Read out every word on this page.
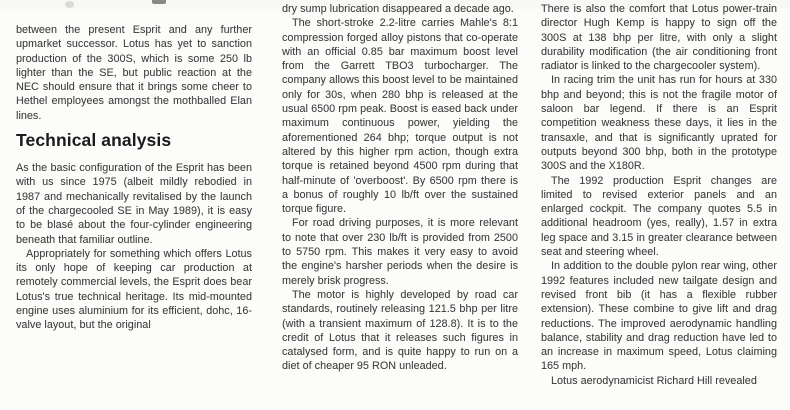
between the present Esprit and any further upmarket successor. Lotus has yet to sanction production of the 300S, which is some 250 lb lighter than the SE, but public reaction at the NEC should ensure that it brings some cheer to Hethel employees amongst the mothballed Elan lines.

Technical analysis

As the basic configuration of the Esprit has been with us since 1975 (albeit mildly rebodied in 1987 and mechanically revitalised by the launch of the chargecooled SE in May 1989), it is easy to be blasé about the four-cylinder engineering beneath that familiar outline.

Appropriately for something which offers Lotus its only hope of keeping car production at remotely commercial levels, the Esprit does bear Lotus's true technical heritage. Its mid-mounted engine uses aluminium for its efficient, dohc, 16-valve layout, but the original

dry sump lubrication disappeared a decade ago.

The short-stroke 2.2-litre carries Mahle's 8:1 compression forged alloy pistons that co-operate with an official 0.85 bar maximum boost level from the Garrett TBO3 turbocharger. The company allows this boost level to be maintained only for 30s, when 280 bhp is released at the usual 6500 rpm peak. Boost is eased back under maximum continuous power, yielding the aforementioned 264 bhp; torque output is not altered by this higher rpm action, though extra torque is retained beyond 4500 rpm during that half-minute of 'overboost'. By 6500 rpm there is a bonus of roughly 10 lb/ft over the sustained torque figure.

For road driving purposes, it is more relevant to note that over 230 lb/ft is provided from 2500 to 5750 rpm. This makes it very easy to avoid the engine's harsher periods when the desire is merely brisk progress.

The motor is highly developed by road car standards, routinely releasing 121.5 bhp per litre (with a transient maximum of 128.8). It is to the credit of Lotus that it releases such figures in catalysed form, and is quite happy to run on a diet of cheaper 95 RON unleaded.

There is also the comfort that Lotus power-train director Hugh Kemp is happy to sign off the 300S at 138 bhp per litre, with only a slight durability modification (the air conditioning front radiator is linked to the chargecooler system).

In racing trim the unit has run for hours at 330 bhp and beyond; this is not the fragile motor of saloon bar legend. If there is an Esprit competition weakness these days, it lies in the transaxle, and that is significantly uprated for outputs beyond 300 bhp, both in the prototype 300S and the X180R.

The 1992 production Esprit changes are limited to revised exterior panels and an enlarged cockpit. The company quotes 5.5 in additional headroom (yes, really), 1.57 in extra leg space and 3.15 in greater clearance between seat and steering wheel.

In addition to the double pylon rear wing, other 1992 features included new tailgate design and revised front bib (it has a flexible rubber extension). These combine to give lift and drag reductions. The improved aerodynamic handling balance, stability and drag reduction have led to an increase in maximum speed, Lotus claiming 165 mph.

Lotus aerodynamicist Richard Hill revealed
